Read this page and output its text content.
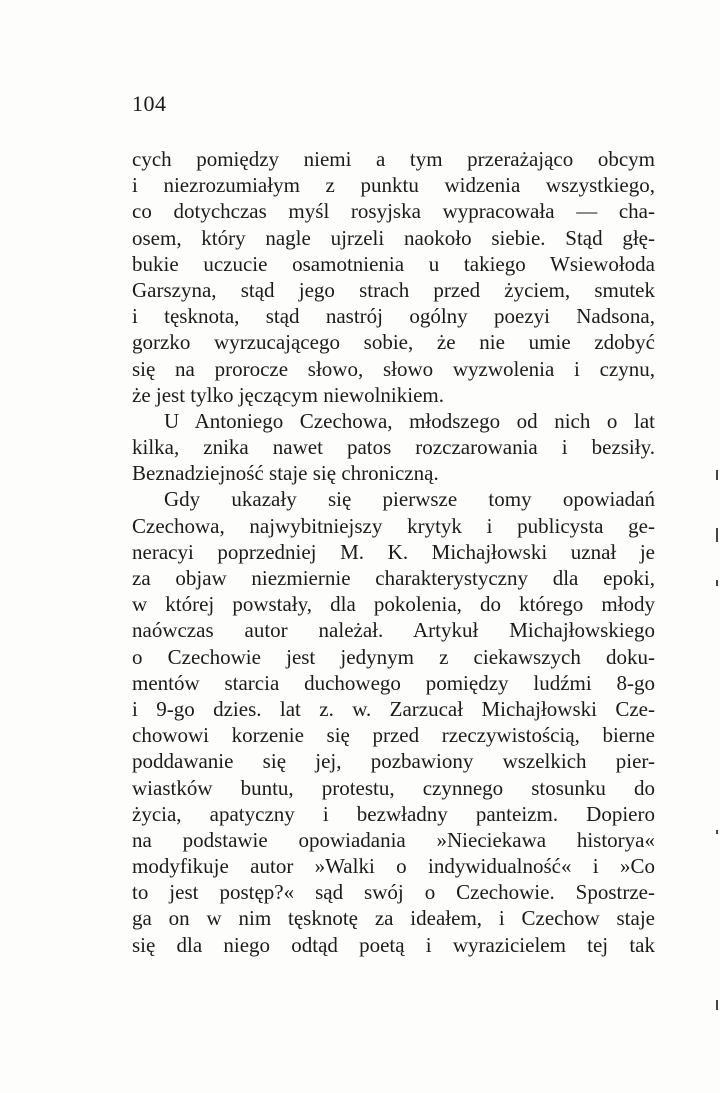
104
cych pomiędzy niemi a tym przerażająco obcym
i niezrozumiałym z punktu widzenia wszystkiego,
co dotychczas myśl rosyjska wypracowała — cha-
osem, który nagle ujrzeli naokoło siebie. Stąd głę-
bukie uczucie osamotnienia u takiego Wsiewołoda
Garszyna, stąd jego strach przed życiem, smutek
i tęsknota, stąd nastrój ogólny poezyi Nadsona,
gorzko wyrzucającego sobie, że nie umie zdobyć
się na prorocze słowo, słowo wyzwolenia i czynu,
że jest tylko jęczącym niewolnikiem.
U Antoniego Czechowa, młodszego od nich o lat
kilka, znika nawet patos rozczarowania i bezsiły.
Beznadziejność staje się chroniczną.
Gdy ukazały się pierwsze tomy opowiadań
Czechowa, najwybitniejszy krytyk i publicysta ge-
neracyi poprzedniej M. K. Michajłowski uznał je
za objaw niezmiernie charakterystyczny dla epoki,
w której powstały, dla pokolenia, do którego młody
naówczas autor należał. Artykuł Michajłowskiego
o Czechowie jest jedynym z ciekawszych doku-
mentów starcia duchowego pomiędzy ludźmi 8-go
i 9-go dzies. lat z. w. Zarzucał Michajłowski Cze-
chowowi korzenie się przed rzeczywistością, bierne
poddawanie się jej, pozbawiony wszelkich pier-
wiastków buntu, protestu, czynnego stosunku do
życia, apatyczny i bezwładny panteizm. Dopiero
na podstawie opowiadania »Nieciekawa historya«
modyfikuje autor »Walki o indywidualność« i »Co
to jest postęp?« sąd swój o Czechowie. Spostrze-
ga on w nim tęsknotę za ideałem, i Czechow staje
się dla niego odtąd poetą i wyrazicielem tej tak
